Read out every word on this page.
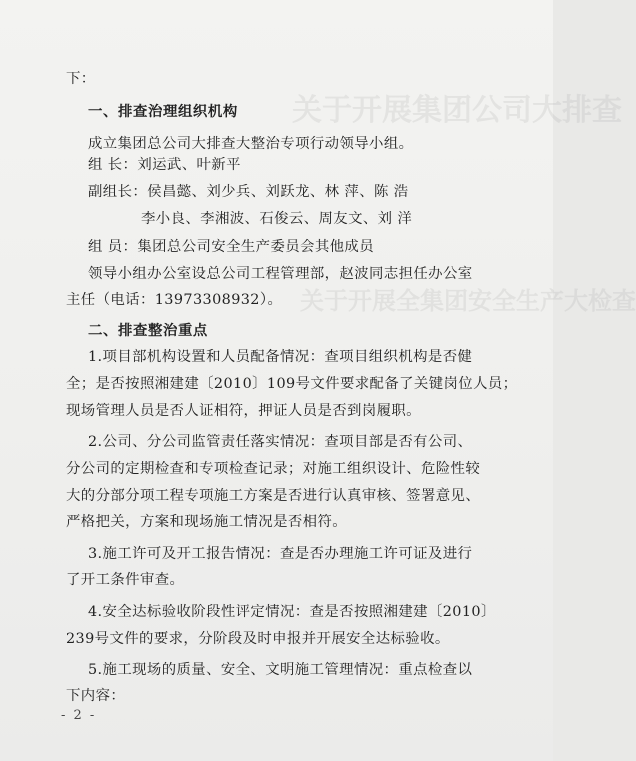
关于开展集团公司大排查
关于开展全集团安全生产大检查
下：
一、排查治理组织机构
成立集团总公司大排查大整治专项行动领导小组。
组 长：刘运武、叶新平
副组长：侯昌懿、刘少兵、刘跃龙、林 萍、陈 浩
李小良、李湘波、石俊云、周友文、刘 洋
组 员：集团总公司安全生产委员会其他成员
领导小组办公室设总公司工程管理部，赵波同志担任办公室
主任（电话：13973308932）。
二、排查整治重点
1.项目部机构设置和人员配备情况：查项目组织机构是否健
全；是否按照湘建建〔2010〕109号文件要求配备了关键岗位人员；
现场管理人员是否人证相符，押证人员是否到岗履职。
2.公司、分公司监管责任落实情况：查项目部是否有公司、
分公司的定期检查和专项检查记录；对施工组织设计、危险性较
大的分部分项工程专项施工方案是否进行认真审核、签署意见、
严格把关，方案和现场施工情况是否相符。
3.施工许可及开工报告情况：查是否办理施工许可证及进行
了开工条件审查。
4.安全达标验收阶段性评定情况：查是否按照湘建建〔2010〕
239号文件的要求，分阶段及时申报并开展安全达标验收。
5.施工现场的质量、安全、文明施工管理情况：重点检查以
下内容：
- 2 -
